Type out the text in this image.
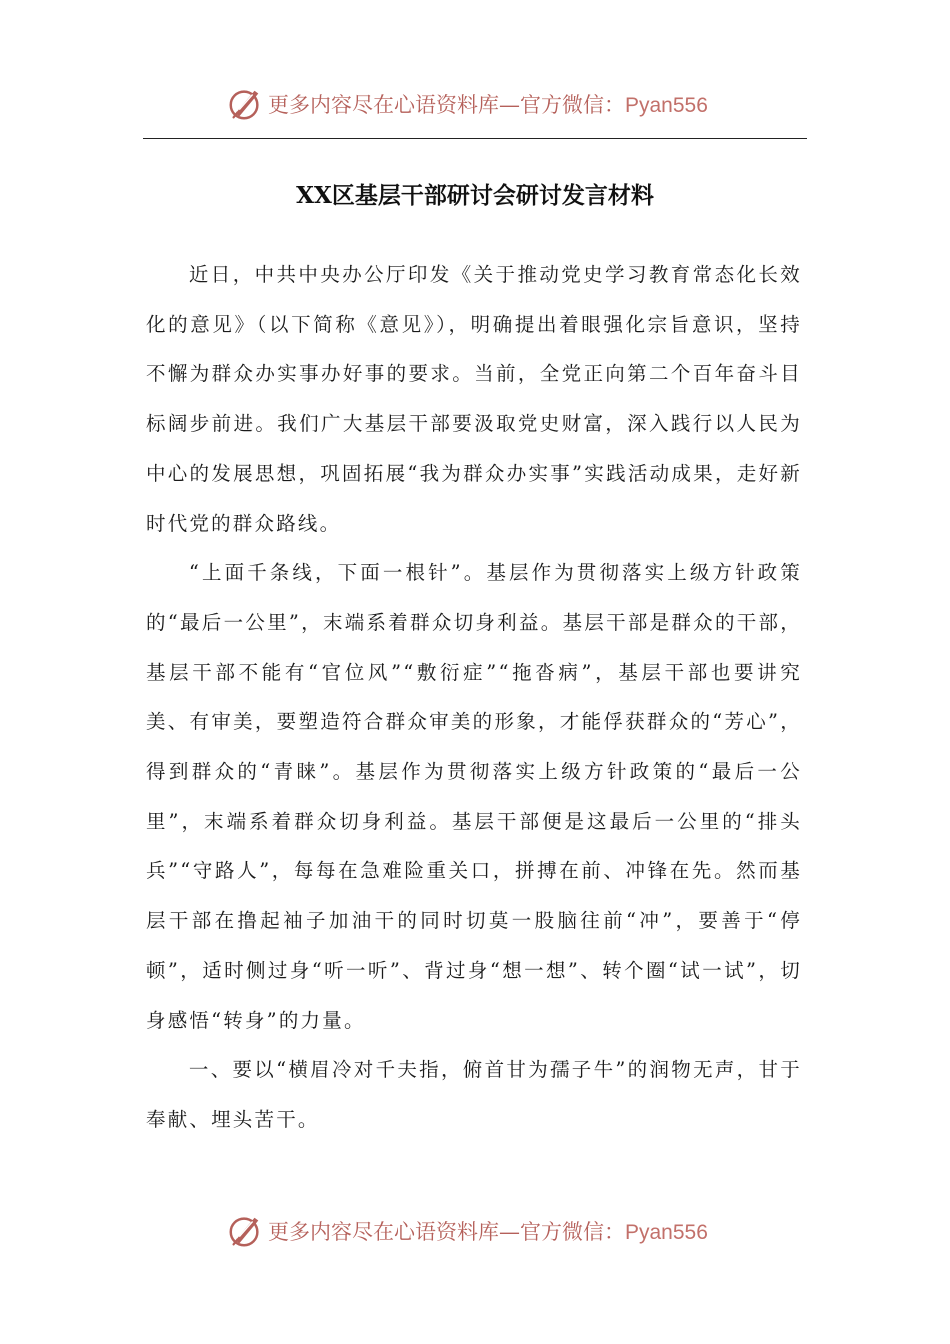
更多内容尽在心语资料库—官方微信：Pyan556
XX区基层干部研讨会研讨发言材料

近日，中共中央办公厅印发《关于推动党史学习教育常态化长效化的意见》（以下简称《意见》），明确提出着眼强化宗旨意识，坚持不懈为群众办实事办好事的要求。当前，全党正向第二个百年奋斗目标阔步前进。我们广大基层干部要汲取党史财富，深入践行以人民为中心的发展思想，巩固拓展“我为群众办实事”实践活动成果，走好新时代党的群众路线。

“上面千条线，下面一根针”。基层作为贯彻落实上级方针政策的“最后一公里”，末端系着群众切身利益。基层干部是群众的干部，基层干部不能有“官位风”“敷衍症”“拖沓病”，基层干部也要讲究美、有审美，要塑造符合群众审美的形象，才能俘获群众的“芳心”，得到群众的“青睐”。基层作为贯彻落实上级方针政策的“最后一公里”，末端系着群众切身利益。基层干部便是这最后一公里的“排头兵”“守路人”，每每在急难险重关口，拼搏在前、冲锋在先。然而基层干部在撸起袖子加油干的同时切莫一股脑往前“冲”，要善于“停顿”，适时侧过身“听一听”、背过身“想一想”、转个圈“试一试”，切身感悟“转身”的力量。

一、要以“横眉冷对千夫指，俯首甘为孺子牛”的润物无声，甘于奉献、埋头苦干。

更多内容尽在心语资料库—官方微信：Pyan556
